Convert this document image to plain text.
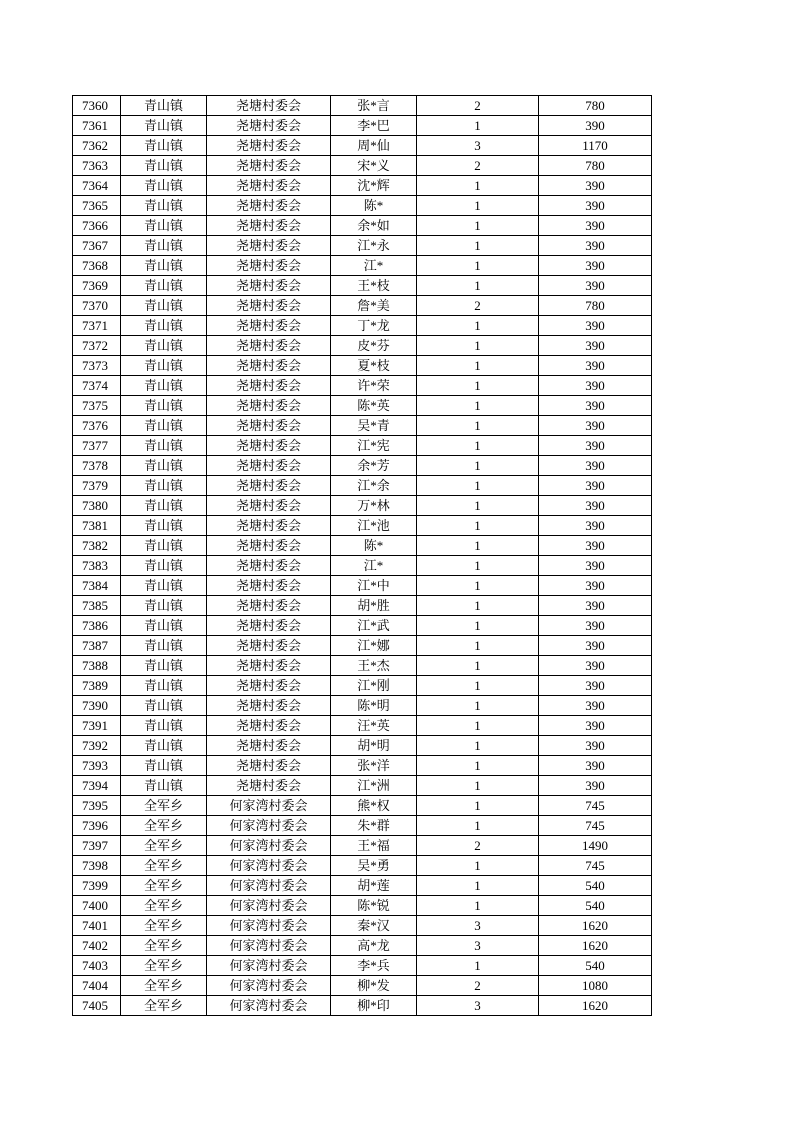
7360	青山镇	尧塘村委会	张*言	2	780
7361	青山镇	尧塘村委会	李*巴	1	390
7362	青山镇	尧塘村委会	周*仙	3	1170
7363	青山镇	尧塘村委会	宋*义	2	780
7364	青山镇	尧塘村委会	沈*辉	1	390
7365	青山镇	尧塘村委会	陈*	1	390
7366	青山镇	尧塘村委会	余*如	1	390
7367	青山镇	尧塘村委会	江*永	1	390
7368	青山镇	尧塘村委会	江*	1	390
7369	青山镇	尧塘村委会	王*枝	1	390
7370	青山镇	尧塘村委会	詹*美	2	780
7371	青山镇	尧塘村委会	丁*龙	1	390
7372	青山镇	尧塘村委会	皮*芬	1	390
7373	青山镇	尧塘村委会	夏*枝	1	390
7374	青山镇	尧塘村委会	许*荣	1	390
7375	青山镇	尧塘村委会	陈*英	1	390
7376	青山镇	尧塘村委会	吴*青	1	390
7377	青山镇	尧塘村委会	江*宪	1	390
7378	青山镇	尧塘村委会	余*芳	1	390
7379	青山镇	尧塘村委会	江*余	1	390
7380	青山镇	尧塘村委会	万*林	1	390
7381	青山镇	尧塘村委会	江*池	1	390
7382	青山镇	尧塘村委会	陈*	1	390
7383	青山镇	尧塘村委会	江*	1	390
7384	青山镇	尧塘村委会	江*中	1	390
7385	青山镇	尧塘村委会	胡*胜	1	390
7386	青山镇	尧塘村委会	江*武	1	390
7387	青山镇	尧塘村委会	江*娜	1	390
7388	青山镇	尧塘村委会	王*杰	1	390
7389	青山镇	尧塘村委会	江*刚	1	390
7390	青山镇	尧塘村委会	陈*明	1	390
7391	青山镇	尧塘村委会	汪*英	1	390
7392	青山镇	尧塘村委会	胡*明	1	390
7393	青山镇	尧塘村委会	张*洋	1	390
7394	青山镇	尧塘村委会	江*洲	1	390
7395	全军乡	何家湾村委会	熊*权	1	745
7396	全军乡	何家湾村委会	朱*群	1	745
7397	全军乡	何家湾村委会	王*福	2	1490
7398	全军乡	何家湾村委会	吴*勇	1	745
7399	全军乡	何家湾村委会	胡*莲	1	540
7400	全军乡	何家湾村委会	陈*锐	1	540
7401	全军乡	何家湾村委会	秦*汉	3	1620
7402	全军乡	何家湾村委会	高*龙	3	1620
7403	全军乡	何家湾村委会	李*兵	1	540
7404	全军乡	何家湾村委会	柳*发	2	1080
7405	全军乡	何家湾村委会	柳*印	3	1620
